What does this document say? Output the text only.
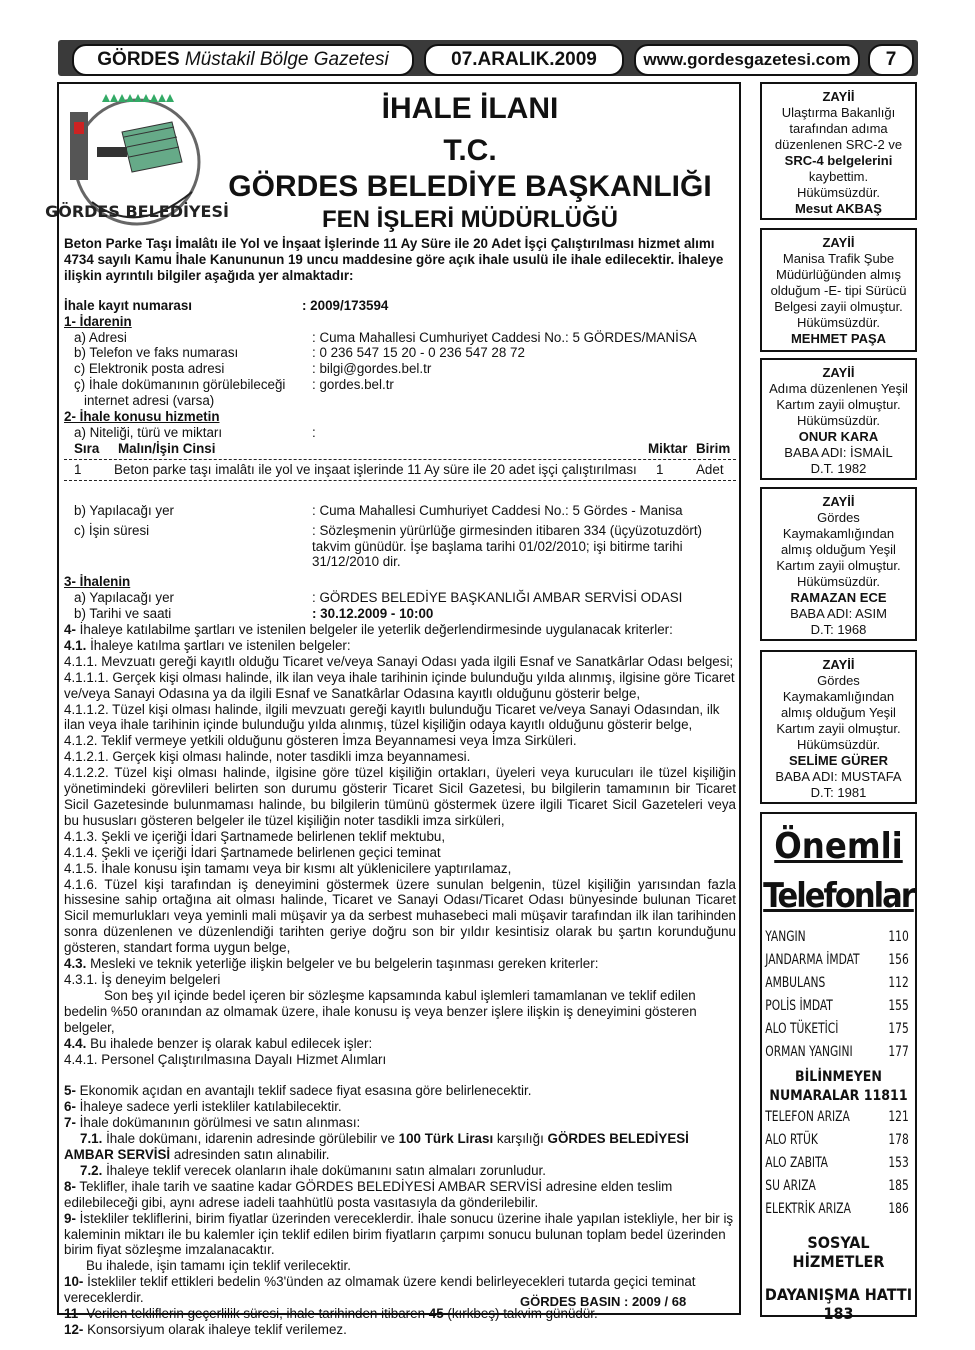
GÖRDES Müstakil Bölge Gazetesi	07.ARALIK.2009	www.gordesgazetesi.com	7
GÖRDES BELEDİYESİ
İHALE İLANI
T.C.
GÖRDES BELEDİYE BAŞKANLIĞI
FEN İŞLERİ MÜDÜRLÜĞÜ

Beton Parke Taşı İmalâtı ile Yol ve İnşaat İşlerinde 11 Ay Süre ile 20 Adet İşçi Çalıştırılması hizmet alımı 4734 sayılı Kamu İhale Kanununun 19 uncu maddesine göre açık ihale usulü ile ihale edilecektir. İhaleye ilişkin ayrıntılı bilgiler aşağıda yer almaktadır:

İhale kayıt numarası	: 2009/173594

1- İdarenin

a) Adresi	: Cuma Mahallesi Cumhuriyet Caddesi No.: 5 GÖRDES/MANİSA

b) Telefon ve faks numarası	: 0 236 547 15 20 - 0 236 547 28 72

c) Elektronik posta adresi	: bilgi@gordes.bel.tr

ç) İhale dokümanının görülebileceği	: gordes.bel.tr

internet adresi (varsa)

2- İhale konusu hizmetin

a) Niteliği, türü ve miktarı	:

Sıra	Malın/İşin Cinsi	Miktar Birim
1	Beton parke taşı imalâtı ile yol ve inşaat işlerinde 11 Ay süre ile 20 adet işçi çalıştırılması	1	Adet

b) Yapılacağı yer	: Cuma Mahallesi Cumhuriyet Caddesi No.: 5 Gördes - Manisa

c) İşin süresi	: Sözleşmenin yürürlüğe girmesinden itibaren 334 (üçyüzotuzdört) takvim günüdür. İşe başlama tarihi 01/02/2010; işi bitirme tarihi 31/12/2010 dir.

3- İhalenin

a) Yapılacağı yer	: GÖRDES BELEDİYE BAŞKANLIĞI AMBAR SERVİSİ ODASI

b) Tarihi ve saati	: 30.12.2009 - 10:00

4- İhaleye katılabilme şartları ve istenilen belgeler ile yeterlik değerlendirmesinde uygulanacak kriterler:

4.1. İhaleye katılma şartları ve istenilen belgeler:

4.1.1. Mevzuatı gereği kayıtlı olduğu Ticaret ve/veya Sanayi Odası yada ilgili Esnaf ve Sanatkârlar Odası belgesi;

4.1.1.1. Gerçek kişi olması halinde, ilk ilan veya ihale tarihinin içinde bulunduğu yılda alınmış, ilgisine göre Ticaret ve/veya Sanayi Odasına ya da ilgili Esnaf ve Sanatkârlar Odasına kayıtlı olduğunu gösterir belge,

4.1.1.2. Tüzel kişi olması halinde, ilgili mevzuatı gereği kayıtlı bulunduğu Ticaret ve/veya Sanayi Odasından, ilk ilan veya ihale tarihinin içinde bulunduğu yılda alınmış, tüzel kişiliğin odaya kayıtlı olduğunu gösterir belge,

4.1.2. Teklif vermeye yetkili olduğunu gösteren İmza Beyannamesi veya İmza Sirküleri.

4.1.2.1. Gerçek kişi olması halinde, noter tasdikli imza beyannamesi.

4.1.2.2. Tüzel kişi olması halinde, ilgisine göre tüzel kişiliğin ortakları, üyeleri veya kurucuları ile tüzel kişiliğin yönetimindeki görevlileri belirten son durumu gösterir Ticaret Sicil Gazetesi, bu bilgilerin tamamının bir Ticaret Sicil Gazetesinde bulunmaması halinde, bu bilgilerin tümünü göstermek üzere ilgili Ticaret Sicil Gazeteleri veya bu hususları gösteren belgeler ile tüzel kişiliğin noter tasdikli imza sirküleri,

4.1.3. Şekli ve içeriği İdari Şartnamede belirlenen teklif mektubu,

4.1.4. Şekli ve içeriği İdari Şartnamede belirlenen geçici teminat

4.1.5. İhale konusu işin tamamı veya bir kısmı alt yüklenicilere yaptırılamaz,

4.1.6. Tüzel kişi tarafından iş deneyimini göstermek üzere sunulan belgenin, tüzel kişiliğin yarısından fazla hissesine sahip ortağına ait olması halinde, Ticaret ve Sanayi Odası/Ticaret Odası bünyesinde bulunan Ticaret Sicil memurlukları veya yeminli mali müşavir ya da serbest muhasebeci mali müşavir tarafından ilk ilan tarihinden sonra düzenlenen ve düzenlendiği tarihten geriye doğru son bir yıldır kesintisiz olarak bu şartın korunduğunu gösteren, standart forma uygun belge,

4.3. Mesleki ve teknik yeterliğe ilişkin belgeler ve bu belgelerin taşınması gereken kriterler:

4.3.1. İş deneyim belgeleri

Son beş yıl içinde bedel içeren bir sözleşme kapsamında kabul işlemleri tamamlanan ve teklif edilen bedelin %50 oranından az olmamak üzere, ihale konusu iş veya benzer işlere ilişkin iş deneyimini gösteren belgeler,

4.4. Bu ihalede benzer iş olarak kabul edilecek işler:

4.4.1. Personel Çalıştırılmasına Dayalı Hizmet Alımları

5- Ekonomik açıdan en avantajlı teklif sadece fiyat esasına göre belirlenecektir.

6- İhaleye sadece yerli istekliler katılabilecektir.

7- İhale dokümanının görülmesi ve satın alınması:

7.1. İhale dokümanı, idarenin adresinde görülebilir ve 100 Türk Lirası karşılığı GÖRDES BELEDİYESİ AMBAR SERVİSİ adresinden satın alınabilir.

7.2. İhaleye teklif verecek olanların ihale dokümanını satın almaları zorunludur.

8- Teklifler, ihale tarih ve saatine kadar GÖRDES BELEDİYESİ AMBAR SERVİSİ adresine elden teslim edilebileceği gibi, aynı adrese iadeli taahhütlü posta vasıtasıyla da gönderilebilir.

9- İstekliler tekliflerini, birim fiyatlar üzerinden vereceklerdir. İhale sonucu üzerine ihale yapılan istekliyle, her bir iş kaleminin miktarı ile bu kalemler için teklif edilen birim fiyatların çarpımı sonucu bulunan toplam bedel üzerinden birim fiyat sözleşme imzalanacaktır.

Bu ihalede, işin tamamı için teklif verilecektir.

10- İstekliler teklif ettikleri bedelin %3'ünden az olmamak üzere kendi belirleyecekleri tutarda geçici teminat vereceklerdir.

11- Verilen tekliflerin geçerlilik süresi, ihale tarihinden itibaren 45 (kırkbeş) takvim günüdür.

12- Konsorsiyum olarak ihaleye teklif verilemez.

GÖRDES BASIN : 2009 / 68
ZAYİİ
Ulaştırma Bakanlığı
tarafından adıma
düzenlenen SRC-2 ve
SRC-4 belgelerini
kaybettim.
Hükümsüzdür.
Mesut AKBAŞ
ZAYİİ
Manisa Trafik Şube
Müdürlüğünden almış
olduğum -E- tipi Sürücü
Belgesi zayii olmuştur.
Hükümsüzdür.
MEHMET PAŞA
ZAYİİ
Adıma düzenlenen Yeşil
Kartım zayii olmuştur.
Hükümsüzdür.
ONUR KARA
BABA ADI: İSMAİL
D.T. 1982
ZAYİİ
Gördes
Kaymakamlığından
almış olduğum Yeşil
Kartım zayii olmuştur.
Hükümsüzdür.
RAMAZAN ECE
BABA ADI: ASIM
D.T: 1968
ZAYİİ
Gördes
Kaymakamlığından
almış olduğum Yeşil
Kartım zayii olmuştur.
Hükümsüzdür.
SELİME GÜRER
BABA ADI: MUSTAFA
D.T: 1981
Önemli
Telefonlar
YANGIN	110
JANDARMA İMDAT 156
AMBULANS	112
POLİS İMDAT	155
ALO TÜKETİCİ	175
ORMAN YANGINI 177
BİLİNMEYEN
NUMARALAR 11811
TELEFON ARIZA	121
ALO RTÜK	178
ALO ZABITA	153
SU ARIZA	185
ELEKTRİK ARIZA	186
SOSYAL HİZMETLER
DAYANIŞMA HATTI 183
